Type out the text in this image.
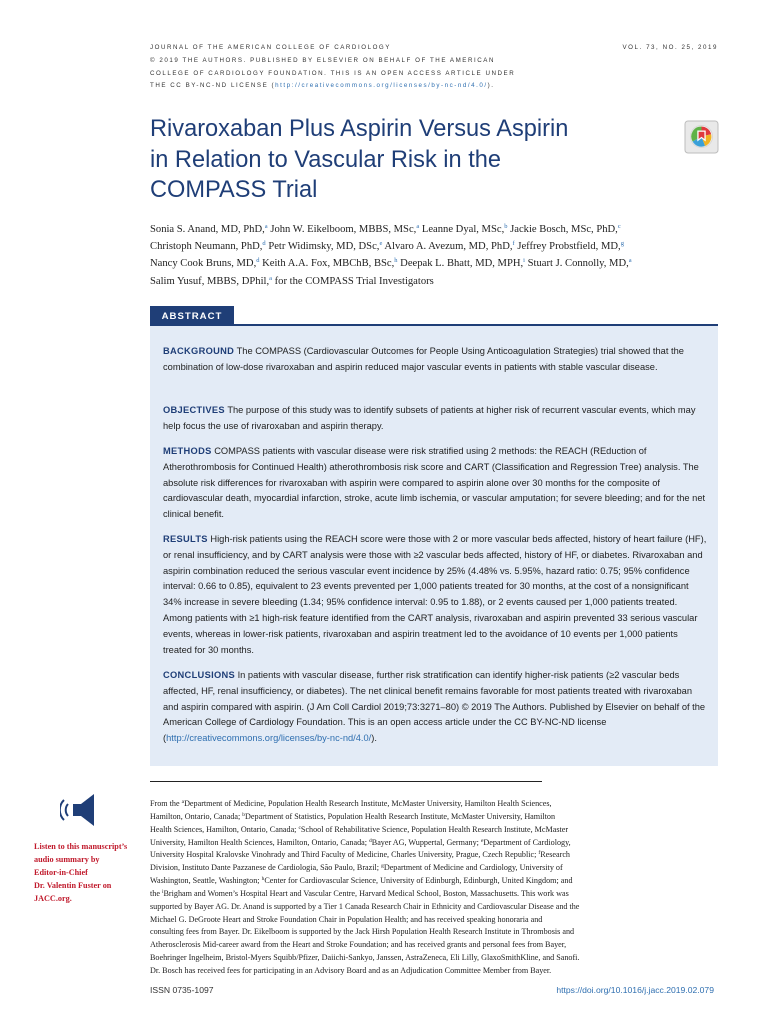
JOURNAL OF THE AMERICAN COLLEGE OF CARDIOLOGY	VOL. 73, NO. 25, 2019
© 2019 THE AUTHORS. PUBLISHED BY ELSEVIER ON BEHALF OF THE AMERICAN
COLLEGE OF CARDIOLOGY FOUNDATION. THIS IS AN OPEN ACCESS ARTICLE UNDER
THE CC BY-NC-ND LICENSE (http://creativecommons.org/licenses/by-nc-nd/4.0/).
Rivaroxaban Plus Aspirin Versus Aspirin
in Relation to Vascular Risk in the
COMPASS Trial
Sonia S. Anand, MD, PhD,$^a$ John W. Eikelboom, MBBS, MSc,$^a$ Leanne Dyal, MSc,$^b$ Jackie Bosch, MSc, PhD,$^c$
Christoph Neumann, PhD,$^d$ Petr Widimsky, MD, DSc,$^e$ Alvaro A. Avezum, MD, PhD,$^f$ Jeffrey Probstfield, MD,$^g$
Nancy Cook Bruns, MD,$^d$ Keith A.A. Fox, MBChB, BSc,$^h$ Deepak L. Bhatt, MD, MPH,$^i$ Stuart J. Connolly, MD,$^a$
Salim Yusuf, MBBS, DPhil,$^a$ for the COMPASS Trial Investigators
ABSTRACT
BACKGROUND The COMPASS (Cardiovascular Outcomes for People Using Anticoagulation Strategies) trial showed that the combination of low-dose rivaroxaban and aspirin reduced major vascular events in patients with stable vascular disease.
OBJECTIVES The purpose of this study was to identify subsets of patients at higher risk of recurrent vascular events, which may help focus the use of rivaroxaban and aspirin therapy.
METHODS COMPASS patients with vascular disease were risk stratified using 2 methods: the REACH (REduction of Atherothrombosis for Continued Health) atherothrombosis risk score and CART (Classification and Regression Tree) analysis. The absolute risk differences for rivaroxaban with aspirin were compared to aspirin alone over 30 months for the composite of cardiovascular death, myocardial infarction, stroke, acute limb ischemia, or vascular amputation; for severe bleeding; and for the net clinical benefit.
RESULTS High-risk patients using the REACH score were those with 2 or more vascular beds affected, history of heart failure (HF), or renal insufficiency, and by CART analysis were those with ≥2 vascular beds affected, history of HF, or diabetes. Rivaroxaban and aspirin combination reduced the serious vascular event incidence by 25% (4.48% vs. 5.95%, hazard ratio: 0.75; 95% confidence interval: 0.66 to 0.85), equivalent to 23 events prevented per 1,000 patients treated for 30 months, at the cost of a nonsignificant 34% increase in severe bleeding (1.34; 95% confidence interval: 0.95 to 1.88), or 2 events caused per 1,000 patients treated. Among patients with ≥1 high-risk feature identified from the CART analysis, rivaroxaban and aspirin prevented 33 serious vascular events, whereas in lower-risk patients, rivaroxaban and aspirin treatment led to the avoidance of 10 events per 1,000 patients treated for 30 months.
CONCLUSIONS In patients with vascular disease, further risk stratification can identify higher-risk patients (≥2 vascular beds affected, HF, renal insufficiency, or diabetes). The net clinical benefit remains favorable for most patients treated with rivaroxaban and aspirin compared with aspirin. (J Am Coll Cardiol 2019;73:3271–80) © 2019 The Authors. Published by Elsevier on behalf of the American College of Cardiology Foundation. This is an open access article under the CC BY-NC-ND license (http://creativecommons.org/licenses/by-nc-nd/4.0/).
Listen to this manuscript’s
audio summary by
Editor-in-Chief
Dr. Valentin Fuster on
JACC.org.
From the $^a$Department of Medicine, Population Health Research Institute, McMaster University, Hamilton Health Sciences,
Hamilton, Ontario, Canada; $^b$Department of Statistics, Population Health Research Institute, McMaster University, Hamilton
Health Sciences, Hamilton, Ontario, Canada; $^c$School of Rehabilitative Science, Population Health Research Institute, McMaster
University, Hamilton Health Sciences, Hamilton, Ontario, Canada; $^d$Bayer AG, Wuppertal, Germany; $^e$Department of Cardiology,
University Hospital Kralovske Vinohrady and Third Faculty of Medicine, Charles University, Prague, Czech Republic; $^f$Research
Division, Instituto Dante Pazzanese de Cardiologia, São Paulo, Brazil; $^g$Department of Medicine and Cardiology, University of
Washington, Seattle, Washington; $^h$Center for Cardiovascular Science, University of Edinburgh, Edinburgh, United Kingdom; and
the $^i$Brigham and Women’s Hospital Heart and Vascular Centre, Harvard Medical School, Boston, Massachusetts. This work was
supported by Bayer AG. Dr. Anand is supported by a Tier 1 Canada Research Chair in Ethnicity and Cardiovascular Disease and the
Michael G. DeGroote Heart and Stroke Foundation Chair in Population Health; and has received speaking honoraria and
consulting fees from Bayer. Dr. Eikelboom is supported by the Jack Hirsh Population Health Research Institute in Thrombosis and
Atherosclerosis Mid-career award from the Heart and Stroke Foundation; and has received grants and personal fees from Bayer,
Boehringer Ingelheim, Bristol-Myers Squibb/Pfizer, Daiichi-Sankyo, Janssen, AstraZeneca, Eli Lilly, GlaxoSmithKline, and Sanofi.
Dr. Bosch has received fees for participating in an Advisory Board and as an Adjudication Committee Member from Bayer.
ISSN 0735-1097	https://doi.org/10.1016/j.jacc.2019.02.079
